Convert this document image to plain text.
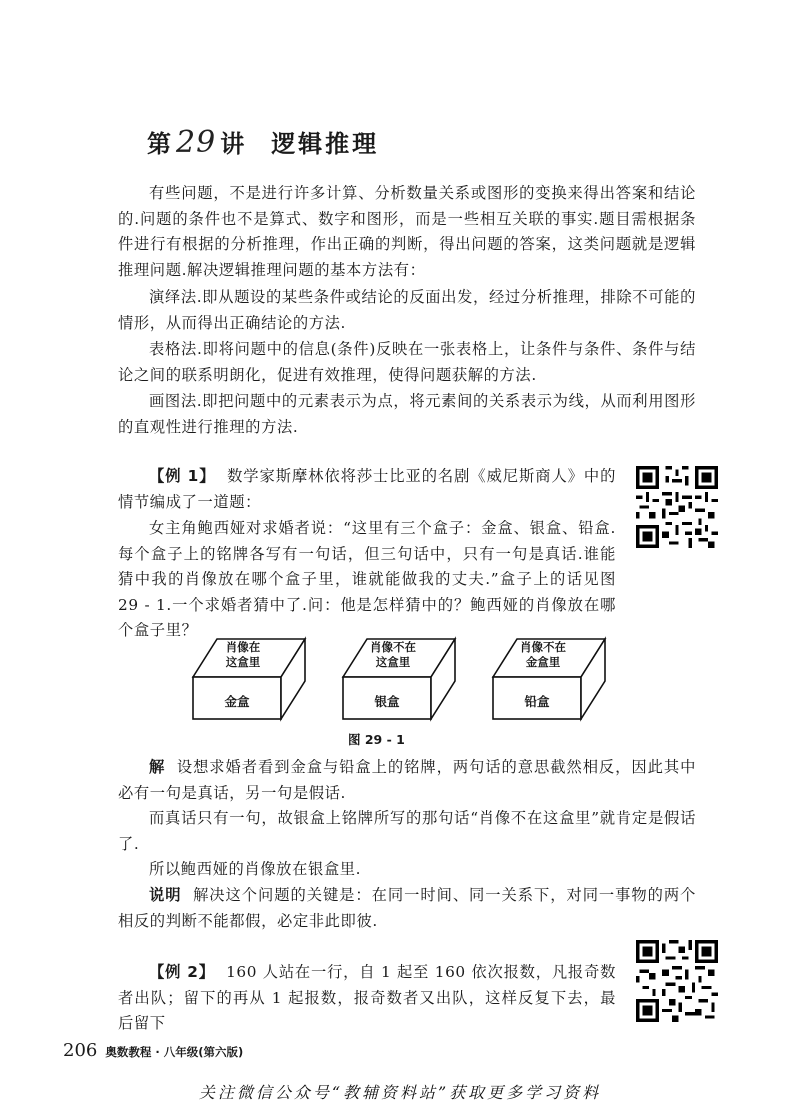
第 29 讲 逻辑推理

有些问题，不是进行许多计算、分析数量关系或图形的变换来得出答案和结论的.问题的条件也不是算式、数字和图形，而是一些相互关联的事实.题目需根据条件进行有根据的分析推理，作出正确的判断，得出问题的答案，这类问题就是逻辑推理问题.解决逻辑推理问题的基本方法有：

演绎法.即从题设的某些条件或结论的反面出发，经过分析推理，排除不可能的情形，从而得出正确结论的方法.

表格法.即将问题中的信息(条件)反映在一张表格上，让条件与条件、条件与结论之间的联系明朗化，促进有效推理，使得问题获解的方法.

画图法.即把问题中的元素表示为点，将元素间的关系表示为线，从而利用图形的直观性进行推理的方法.

【例 1】 数学家斯摩林依将莎士比亚的名剧《威尼斯商人》中的情节编成了一道题：

女主角鲍西娅对求婚者说：“这里有三个盒子：金盒、银盒、铅盒.每个盒子上的铭牌各写有一句话，但三句话中，只有一句是真话.谁能猜中我的肖像放在哪个盒子里，谁就能做我的丈夫.”盒子上的话见图 29 - 1.一个求婚者猜中了.问：他是怎样猜中的？鲍西娅的肖像放在哪个盒子里？

肖像在
这盒里
金盒
肖像不在
这盒里
银盒
肖像不在
金盒里
铅盒
图 29 - 1

解 设想求婚者看到金盒与铅盒上的铭牌，两句话的意思截然相反，因此其中必有一句是真话，另一句是假话.

而真话只有一句，故银盒上铭牌所写的那句话“肖像不在这盒里”就肯定是假话了.

所以鲍西娅的肖像放在银盒里.

说明 解决这个问题的关键是：在同一时间、同一关系下，对同一事物的两个相反的判断不能都假，必定非此即彼.

【例 2】 160 人站在一行，自 1 起至 160 依次报数，凡报奇数者出队；留下的再从 1 起报数，报奇数者又出队，这样反复下去，最后留下

206 奥数教程 · 八年级(第六版)
关注微信公众号“教辅资料站”获取更多学习资料
